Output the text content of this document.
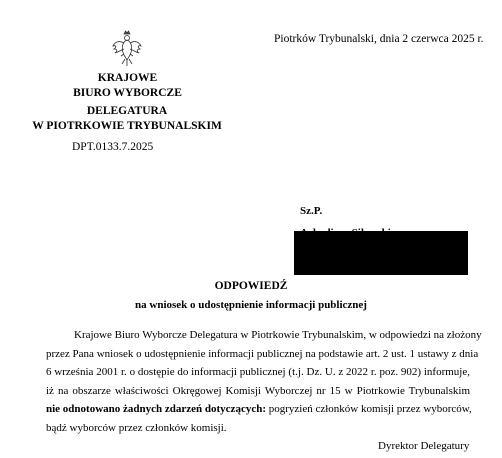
Piotrków Trybunalski, dnia 2 czerwca 2025 r.
KRAJOWE
BIURO WYBORCZE
DELEGATURA
W PIOTRKOWIE TRYBUNALSKIM
DPT.0133.7.2025
Sz.P.
ODPOWIEDŹ
na wniosek o udostępnienie informacji publicznej
Krajowe Biuro Wyborcze Delegatura w Piotrkowie Trybunalskim, w odpowiedzi na złożony
przez Pana wniosek o udostępnienie informacji publicznej na podstawie art. 2 ust. 1 ustawy z dnia
6 września 2001 r. o dostępie do informacji publicznej (t.j. Dz. U. z 2022 r. poz. 902) informuje,
iż na obszarze właściwości Okręgowej Komisji Wyborczej nr 15 w Piotrkowie Trybunalskim
nie odnotowano żadnych zdarzeń dotyczących: pogryzień członków komisji przez wyborców,
bądź wyborców przez członków komisji.
Dyrektor Delegatury
